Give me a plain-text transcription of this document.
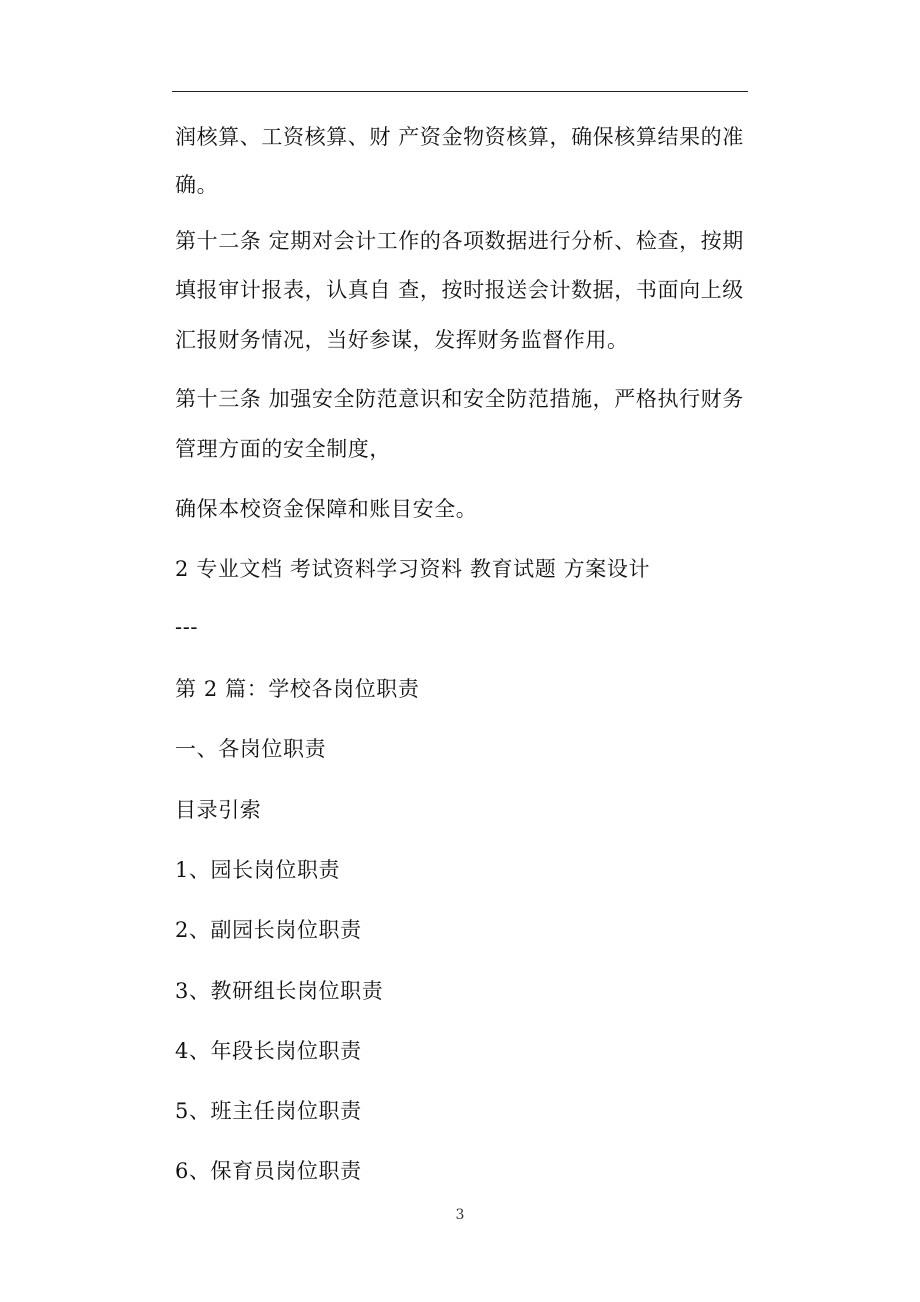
润核算、工资核算、财 产资金物资核算，确保核算结果的准
确。
第十二条 定期对会计工作的各项数据进行分析、检查，按期
填报审计报表，认真自 查，按时报送会计数据，书面向上级
汇报财务情况，当好参谋，发挥财务监督作用。
第十三条 加强安全防范意识和安全防范措施，严格执行财务
管理方面的安全制度，
确保本校资金保障和账目安全。
2 专业文档 考试资料学习资料 教育试题 方案设计
---
第 2 篇：学校各岗位职责
一、各岗位职责
目录引索
1、园长岗位职责
2、副园长岗位职责
3、教研组长岗位职责
4、年段长岗位职责
5、班主任岗位职责
6、保育员岗位职责
3
